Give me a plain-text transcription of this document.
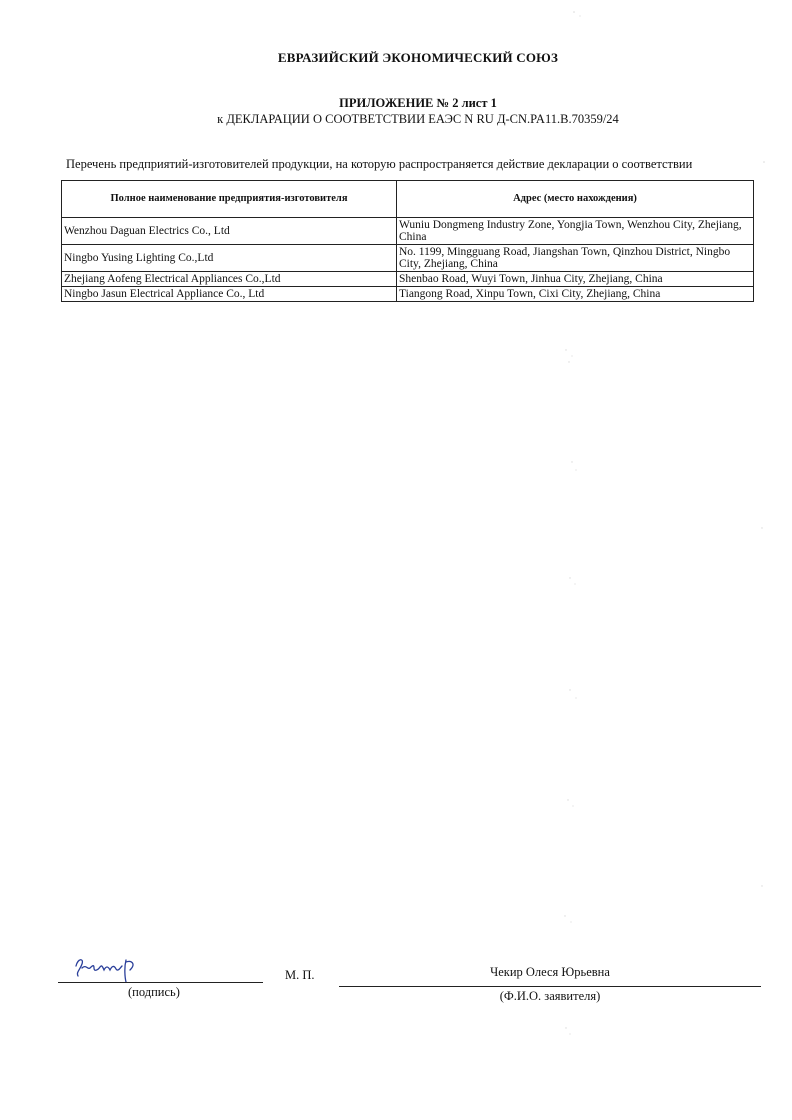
ЕВРАЗИЙСКИЙ ЭКОНОМИЧЕСКИЙ СОЮЗ
ПРИЛОЖЕНИЕ № 2 лист 1
к ДЕКЛАРАЦИИ О СООТВЕТСТВИИ ЕАЭС N RU Д-CN.PA11.B.70359/24
Перечень предприятий-изготовителей продукции, на которую распространяется действие декларации о соответствии
Полное наименование предприятия-изготовителя	Адрес (место нахождения)
Wenzhou Daguan Electrics Co., Ltd	Wuniu Dongmeng Industry Zone, Yongjia Town, Wenzhou City, Zhejiang, China
Ningbo Yusing Lighting Co.,Ltd	No. 1199, Mingguang Road, Jiangshan Town, Qinzhou District, Ningbo City, Zhejiang, China
Zhejiang Aofeng Electrical Appliances Co.,Ltd	Shenbao Road, Wuyi Town, Jinhua City, Zhejiang, China
Ningbo Jasun Electrical Appliance Co., Ltd	Tiangong Road, Xinpu Town, Cixi City, Zhejiang, China
(подпись)
М. П.	Чекир Олеся Юрьевна
(Ф.И.О. заявителя)
